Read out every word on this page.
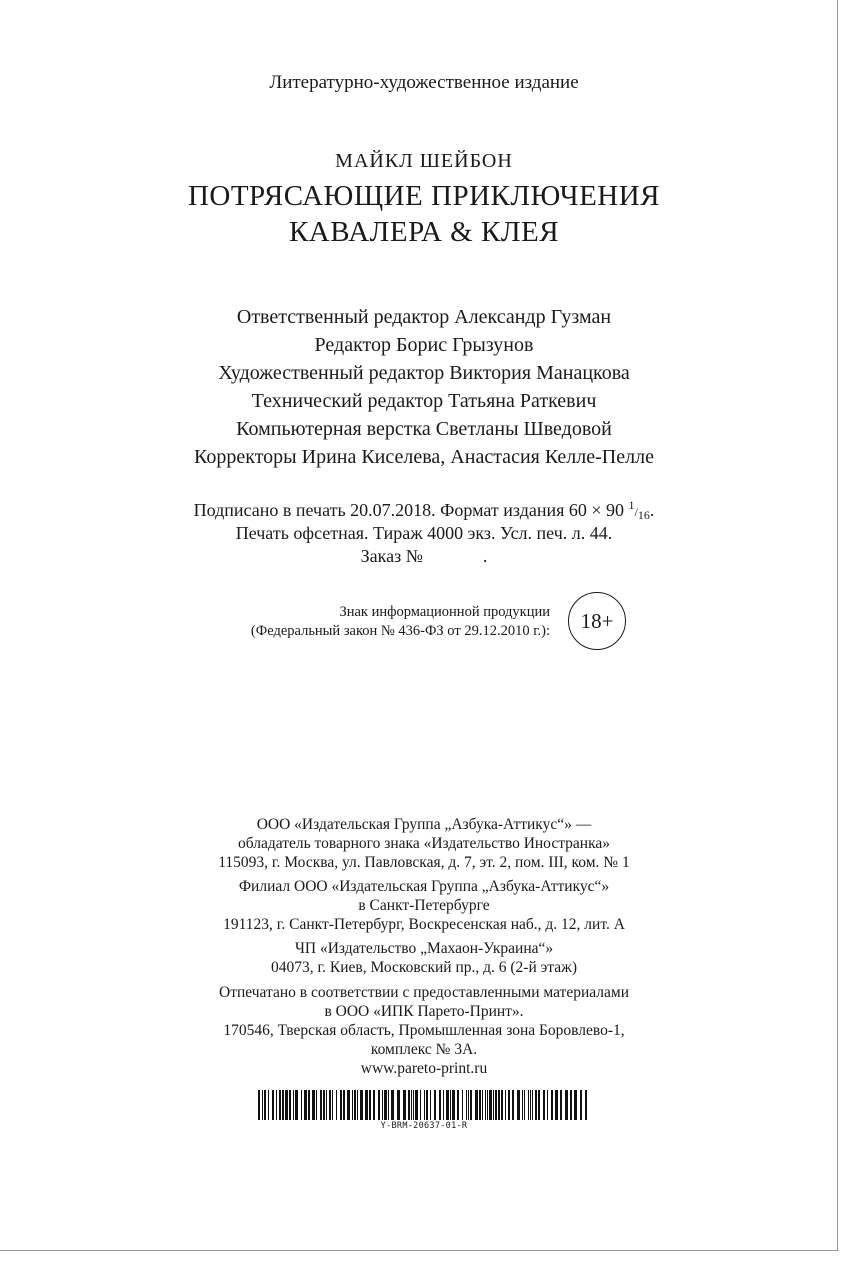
Литературно-художественное издание
МАЙКЛ ШЕЙБОН
ПОТРЯСАЮЩИЕ ПРИКЛЮЧЕНИЯ
КАВАЛЕРА & КЛЕЯ
Ответственный редактор Александр Гузман
Редактор Борис Грызунов
Художественный редактор Виктория Манацкова
Технический редактор Татьяна Раткевич
Компьютерная верстка Светланы Шведовой
Корректоры Ирина Киселева, Анастасия Келле-Пелле
Подписано в печать 20.07.2018. Формат издания 60 × 90 1/16.
Печать офсетная. Тираж 4000 экз. Усл. печ. л. 44.
Заказ №	.
Знак информационной продукции
(Федеральный закон № 436-ФЗ от 29.12.2010 г.): 18+
ООО «Издательская Группа „Азбука-Аттикус“» —
обладатель товарного знака «Издательство Иностранка»
115093, г. Москва, ул. Павловская, д. 7, эт. 2, пом. III, ком. № 1
Филиал ООО «Издательская Группа „Азбука-Аттикус“»
в Санкт-Петербурге
191123, г. Санкт-Петербург, Воскресенская наб., д. 12, лит. А
ЧП «Издательство „Махаон-Украина“»
04073, г. Киев, Московский пр., д. 6 (2-й этаж)
Отпечатано в соответствии с предоставленными материалами
в ООО «ИПК Парето-Принт».
170546, Тверская область, Промышленная зона Боровлево-1,
комплекс № 3А.
www.pareto-print.ru
Y-BRM-20637-01-R
